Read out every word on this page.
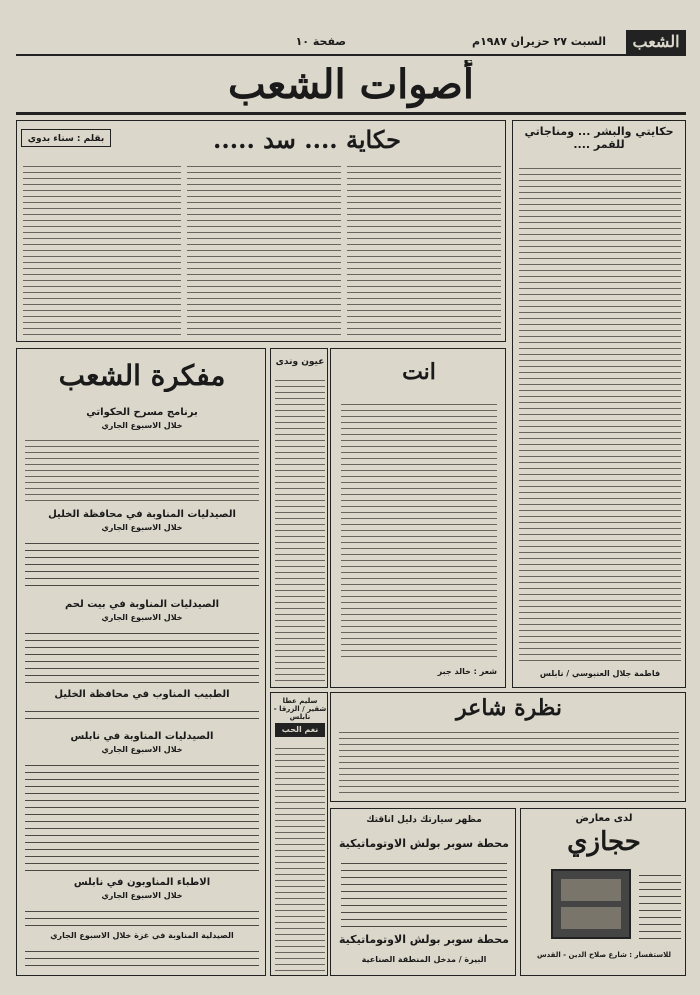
الشعب
السبت ٢٧ حزيران ١٩٨٧م
صفحة ١٠
أصوات الشعب
حكايتي والبشر ... ومناجاتي للقمر ....
فاطمة جلال العنبوسي / نابلس
بقلم : سناء بدوي	حكاية .... سد .....
انت
شعر : خالد جبر
مفكرة الشعب
برنامج مسرح الحكواتي
خلال الاسبوع الجاري
الصيدليات المناوبة في محافظة الخليل
خلال الاسبوع الجاري
الصيدليات المناوبة في بيت لحم
خلال الاسبوع الجاري
الطبيب المناوب في محافظة الخليل
الصيدليات المناوبة في نابلس
خلال الاسبوع الجاري
الاطباء المناوبون في نابلس
خلال الاسبوع الجاري
الصيدلية المناوبة في غزة خلال الاسبوع الجاري
عيون وندى
سليم عطا شقير / الزرقا - نابلس
نغم الحب
نظرة شاعر
لدى معارض
حجازي
للاستفسار : شارع صلاح الدين - القدس
مظهر سيارتك دليل أناقتك
محطة سوبر بولش الاوتوماتيكية
محطة سوبر بولش الاوتوماتيكية
البيرة / مدخل المنطقة الصناعية
